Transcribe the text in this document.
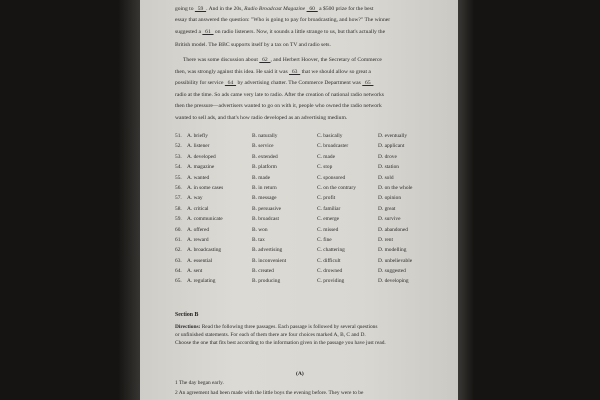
going to   59  . And in the 20s, Radio Broadcast Magazine   60   a $500 prize for the best
essay that answered the question: "Who is going to pay for broadcasting, and how?" The winner
suggested a   61   on radio listeners. Now, it sounds a little strange to us, but that's actually the
British model. The BBC supports itself by a tax on TV and radio sets.
There was some discussion about   62  , and Herbert Hoover, the Secretary of Commerce
then, was strongly against this idea. He said it was   63   that we should allow so great a
possibility for service   64   by advertising chatter. The Commerce Department was   65
radio at the time. So ads came very late to radio. After the creation of national radio networks
then the pressure—advertisers wanted to go on with it, people who owned the radio network
wanted to sell ads, and that's how radio developed as an advertising medium.
51. A. briefly	B. naturally	C. basically	D. eventually
52. A. listener	B. service	C. broadcaster	D. applicant
53. A. developed	B. extended	C. made	D. drove
54. A. magazine	B. platform	C. stop	D. station
55. A. wanted	B. made	C. sponsored	D. sold
56. A. in some cases	B. in return	C. on the contrary	D. on the whole
57. A. way	B. message	C. profit	D. opinion
58. A. critical	B. persuasive	C. familiar	D. great
59. A. communicate	B. broadcast	C. emerge	D. survive
60. A. offered	B. won	C. missed	D. abandoned
61. A. reward	B. tax	C. fine	D. rent
62. A. broadcasting	B. advertising	C. chattering	D. modelling
63. A. essential	B. inconvenient	C. difficult	D. unbelievable
64. A. sent	B. created	C. drowned	D. suggested
65. A. regulating	B. producing	C. providing	D. developing
Section B
Directions: Read the following three passages. Each passage is followed by several questions
or unfinished statements. For each of them there are four choices marked A, B, C and D.
Choose the one that fits best according to the information given in the passage you have just read.
(A)
1 The day began early.
2 An agreement had been made with the little boys the evening before. They were to be
